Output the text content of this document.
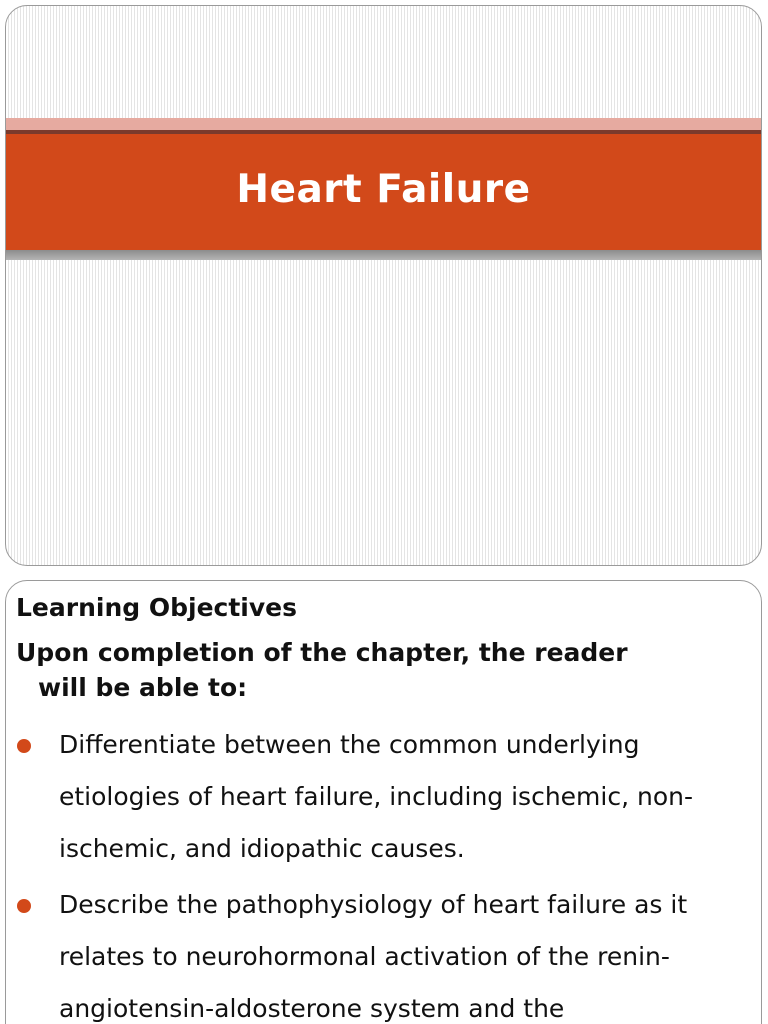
Heart Failure
Learning Objectives
Upon completion of the chapter, the reader
will be able to:
Differentiate between the common underlying etiologies of heart failure, including ischemic, non-ischemic, and idiopathic causes.
Describe the pathophysiology of heart failure as it relates to neurohormonal activation of the renin-angiotensin-aldosterone system and the
